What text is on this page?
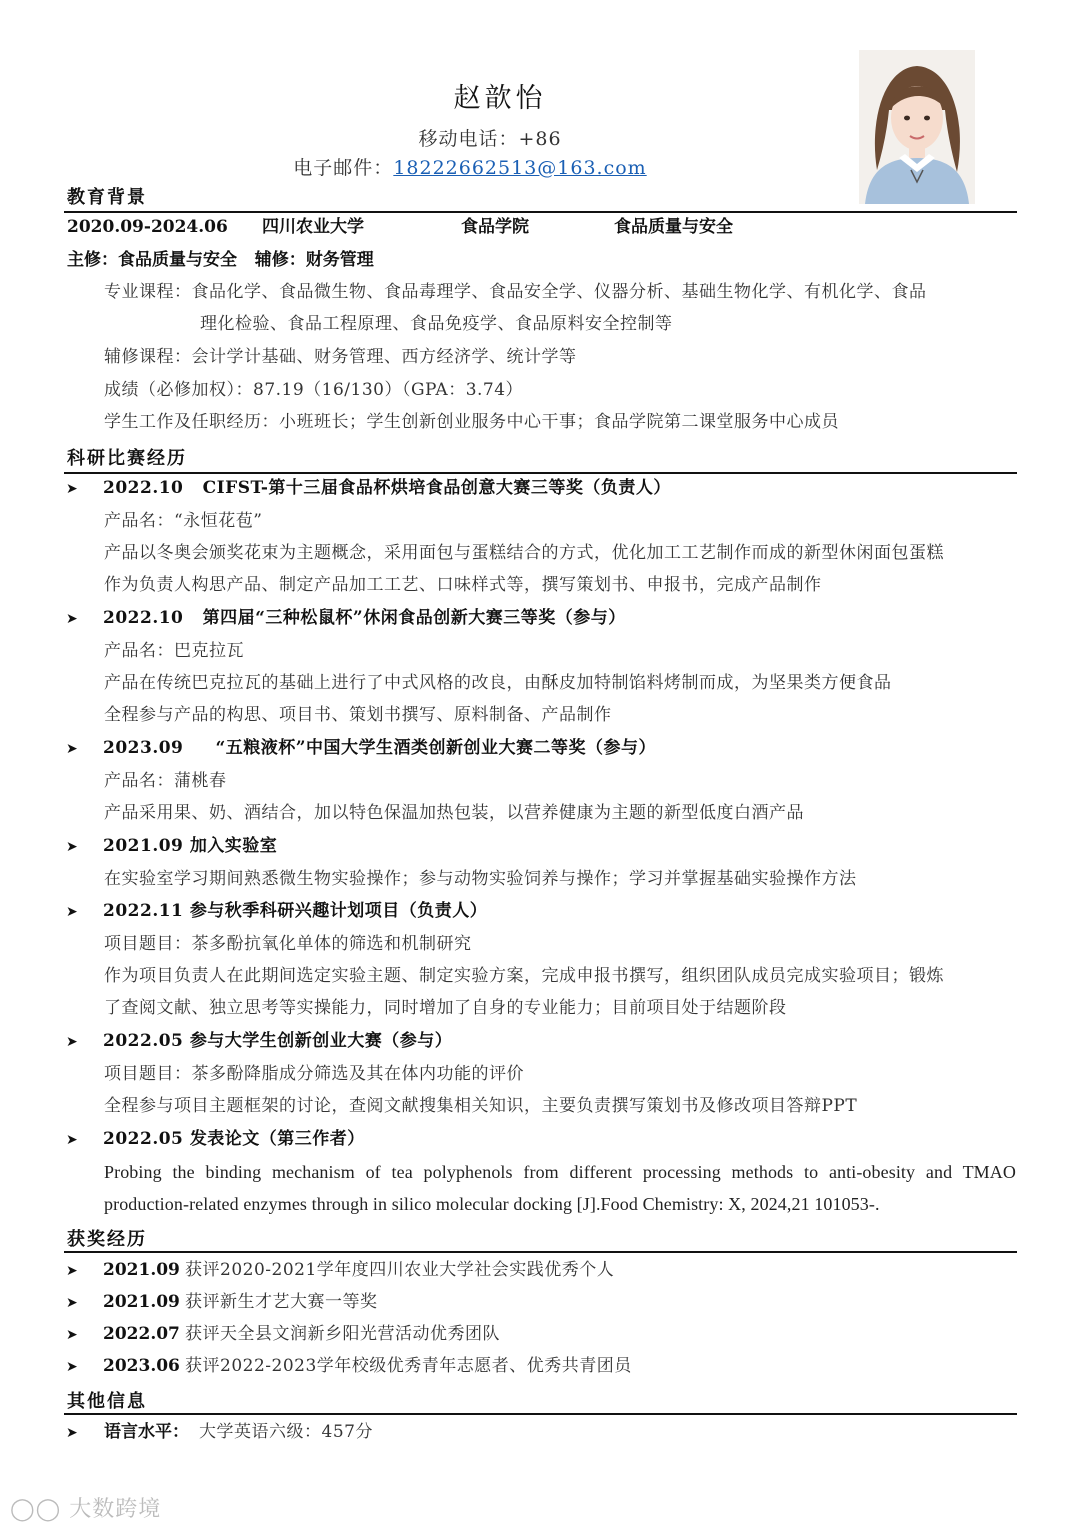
赵歆怡
移动电话：+86
电子邮件：18222662513@163.com
教育背景
2020.09-2024.06 四川农业大学	食品学院	食品质量与安全
主修：食品质量与安全   辅修：财务管理
专业课程：食品化学、食品微生物、食品毒理学、食品安全学、仪器分析、基础生物化学、有机化学、食品
理化检验、食品工程原理、食品免疫学、食品原料安全控制等
辅修课程：会计学计基础、财务管理、西方经济学、统计学等
成绩（必修加权）：87.19（16/130）（GPA：3.74）
学生工作及任职经历：小班班长；学生创新创业服务中心干事；食品学院第二课堂服务中心成员
科研比赛经历
➤ 2022.10 CIFST-第十三届食品杯烘培食品创意大赛三等奖（负责人）
产品名：“永恒花苞”
产品以冬奥会颁奖花束为主题概念，采用面包与蛋糕结合的方式，优化加工工艺制作而成的新型休闲面包蛋糕
作为负责人构思产品、制定产品加工工艺、口味样式等，撰写策划书、申报书，完成产品制作
➤ 2022.10 第四届“三种松鼠杯”休闲食品创新大赛三等奖（参与）
产品名：巴克拉瓦
产品在传统巴克拉瓦的基础上进行了中式风格的改良，由酥皮加特制馅料烤制而成，为坚果类方便食品
全程参与产品的构思、项目书、策划书撰写、原料制备、产品制作
➤ 2023.09 “五粮液杯”中国大学生酒类创新创业大赛二等奖（参与）
产品名：蒲桃春
产品采用果、奶、酒结合，加以特色保温加热包装，以营养健康为主题的新型低度白酒产品
➤ 2021.09 加入实验室
在实验室学习期间熟悉微生物实验操作；参与动物实验饲养与操作；学习并掌握基础实验操作方法
➤ 2022.11 参与秋季科研兴趣计划项目（负责人）
项目题目：茶多酚抗氧化单体的筛选和机制研究
作为项目负责人在此期间选定实验主题、制定实验方案，完成申报书撰写，组织团队成员完成实验项目；锻炼
了查阅文献、独立思考等实操能力，同时增加了自身的专业能力；目前项目处于结题阶段
➤ 2022.05 参与大学生创新创业大赛（参与）
项目题目：茶多酚降脂成分筛选及其在体内功能的评价
全程参与项目主题框架的讨论，查阅文献搜集相关知识，主要负责撰写策划书及修改项目答辩PPT
➤ 2022.05 发表论文（第三作者）
Probing the binding mechanism of tea polyphenols from different processing methods to anti-obesity and TMAO
production-related enzymes through in silico molecular docking [J].Food Chemistry: X, 2024,21 101053-.
获奖经历
➤ 2021.09 获评2020-2021学年度四川农业大学社会实践优秀个人
➤ 2021.09 获评新生才艺大赛一等奖
➤ 2022.07 获评天全县文润新乡阳光营活动优秀团队
➤ 2023.06 获评2022-2023学年校级优秀青年志愿者、优秀共青团员
其他信息
➤ 语言水平： 大学英语六级：457分
◯◯ 大数跨境
